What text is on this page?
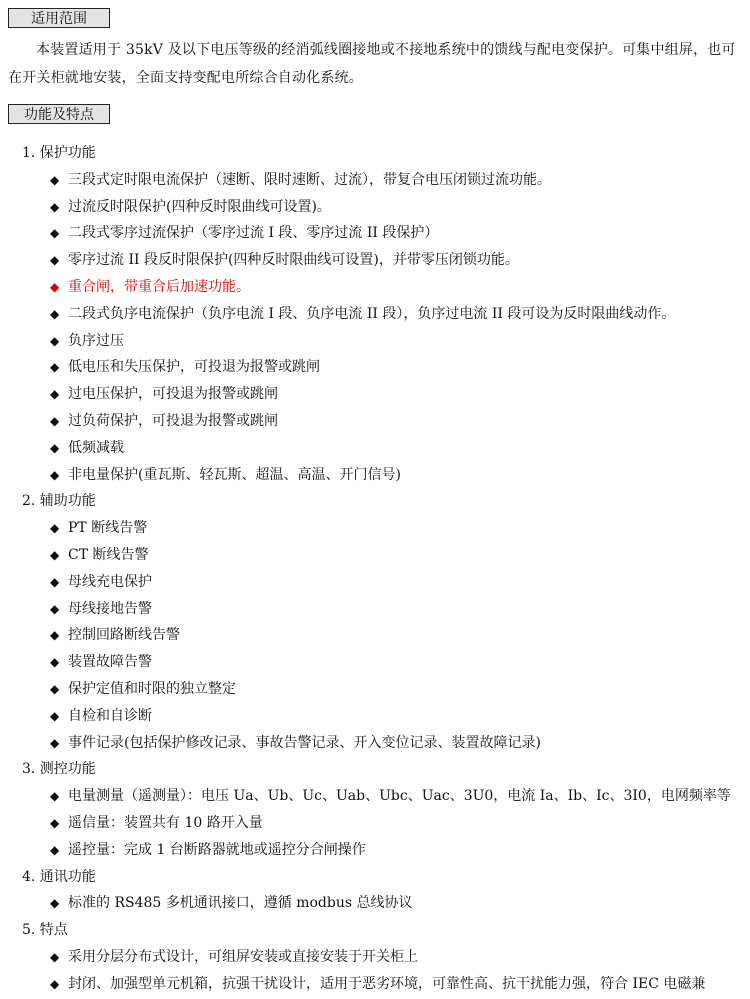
适用范围
本装置适用于 35kV 及以下电压等级的经消弧线圈接地或不接地系统中的馈线与配电变保护。可集中组屏，也可在开关柜就地安装，全面支持变配电所综合自动化系统。
功能及特点
1. 保护功能
◆ 三段式定时限电流保护（速断、限时速断、过流），带复合电压闭锁过流功能。
◆ 过流反时限保护(四种反时限曲线可设置)。
◆ 二段式零序过流保护（零序过流 I 段、零序过流 II 段保护）
◆ 零序过流 II 段反时限保护(四种反时限曲线可设置)，并带零压闭锁功能。
◆ 重合闸，带重合后加速功能。
◆ 二段式负序电流保护（负序电流 I 段、负序电流 II 段），负序过电流 II 段可设为反时限曲线动作。
◆ 负序过压
◆ 低电压和失压保护，可投退为报警或跳闸
◆ 过电压保护，可投退为报警或跳闸
◆ 过负荷保护，可投退为报警或跳闸
◆ 低频减载
◆ 非电量保护(重瓦斯、轻瓦斯、超温、高温、开门信号)
2. 辅助功能
◆ PT 断线告警
◆ CT 断线告警
◆ 母线充电保护
◆ 母线接地告警
◆ 控制回路断线告警
◆ 装置故障告警
◆ 保护定值和时限的独立整定
◆ 自检和自诊断
◆ 事件记录(包括保护修改记录、事故告警记录、开入变位记录、装置故障记录)
3. 测控功能
◆ 电量测量（遥测量）：电压 Ua、Ub、Uc、Uab、Ubc、Uac、3U0，电流 Ia、Ib、Ic、3I0，电网频率等
◆ 遥信量：装置共有 10 路开入量
◆ 遥控量：完成 1 台断路器就地或遥控分合闸操作
4. 通讯功能
◆ 标准的 RS485 多机通讯接口，遵循 modbus 总线协议
5. 特点
◆ 采用分层分布式设计，可组屏安装或直接安装于开关柜上
◆ 封闭、加强型单元机箱，抗强干扰设计，适用于恶劣环境，可靠性高、抗干扰能力强，符合 IEC 电磁兼
